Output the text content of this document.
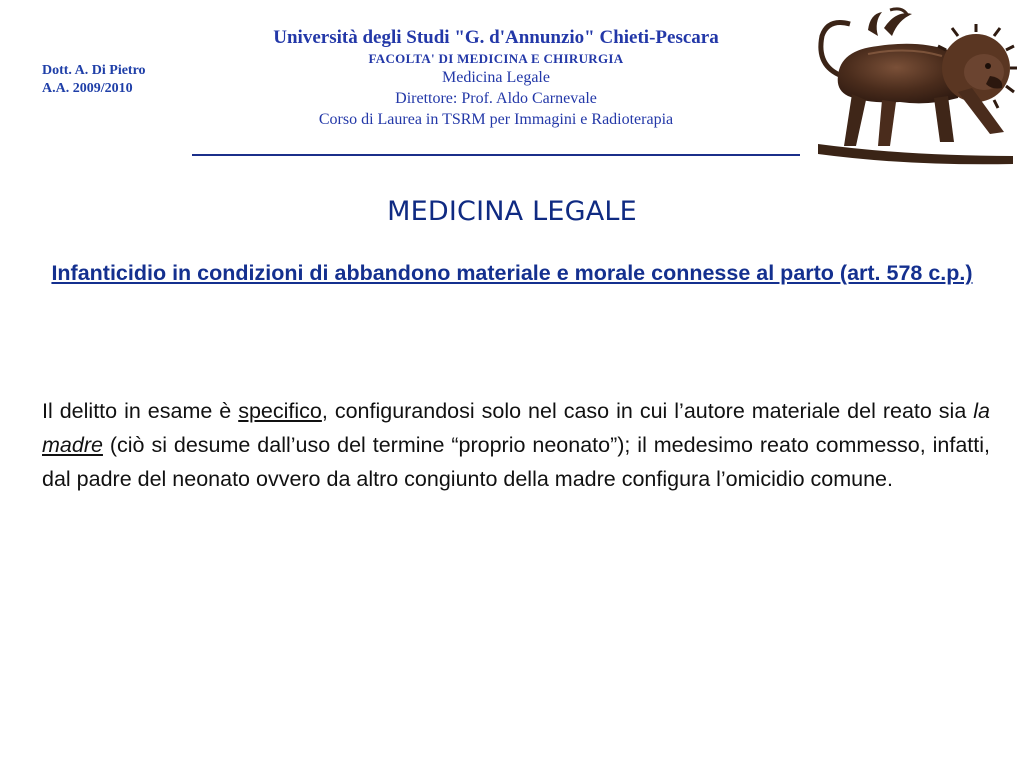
Dott. A. Di Pietro
A.A. 2009/2010
Università degli Studi "G. d'Annunzio" Chieti-Pescara
FACOLTA' DI MEDICINA E CHIRURGIA
Medicina Legale
Direttore: Prof. Aldo Carnevale
Corso di Laurea in TSRM per Immagini e Radioterapia
MEDICINA LEGALE
Infanticidio in condizioni di abbandono materiale e morale connesse al parto (art. 578 c.p.)
Il delitto in esame è specifico, configurandosi solo nel caso in cui l’autore materiale del reato sia la madre (ciò si desume dall’uso del termine “proprio neonato”); il medesimo reato commesso, infatti, dal padre del neonato ovvero da altro congiunto della madre configura l’omicidio comune.
